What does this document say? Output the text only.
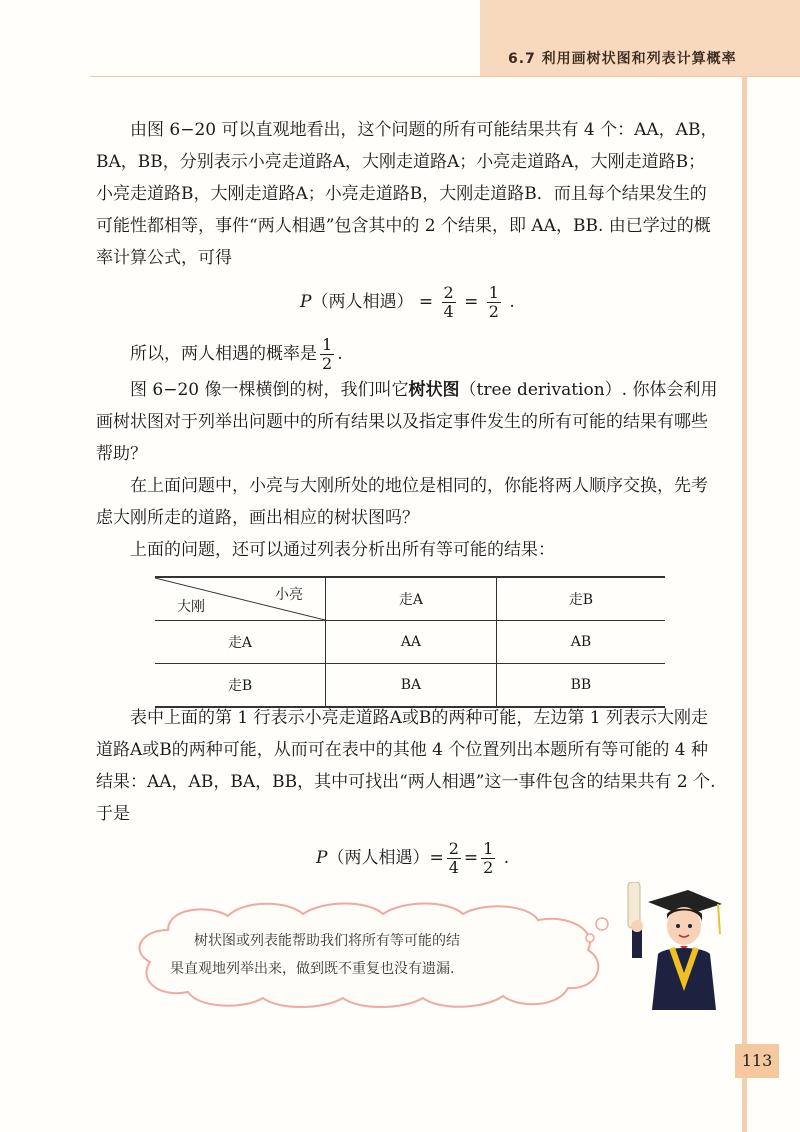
6.7 利用画树状图和列表计算概率

由图 6−20 可以直观地看出，这个问题的所有可能结果共有 4 个：AA，AB，BA，BB，分别表示小亮走道路A，大刚走道路A；小亮走道路A，大刚走道路B；小亮走道路B，大刚走道路A；小亮走道路B，大刚走道路B．而且每个结果发生的可能性都相等，事件“两人相遇”包含其中的 2 个结果，即 AA，BB. 由已学过的概率计算公式，可得

P（两人相遇） = $\frac{2}{4} = \frac{1}{2}$ .

所以，两人相遇的概率是 $\frac{1}{2}$ .

图 6−20 像一棵横倒的树，我们叫它树状图（tree derivation）. 你体会利用画树状图对于列举出问题中的所有结果以及指定事件发生的所有可能的结果有哪些帮助？

在上面问题中，小亮与大刚所处的地位是相同的，你能将两人顺序交换，先考虑大刚所走的道路，画出相应的树状图吗？

上面的问题，还可以通过列表分析出所有等可能的结果：

小亮
大刚	走A	走B
走A	AA	AB
走B	BA	BB

表中上面的第 1 行表示小亮走道路A或B的两种可能，左边第 1 列表示大刚走道路A或B的两种可能，从而可在表中的其他 4 个位置列出本题所有等可能的 4 种结果：AA，AB，BA，BB，其中可找出“两人相遇”这一事件包含的结果共有 2 个. 于是

P（两人相遇）= $\frac{2}{4} = \frac{1}{2}$ .
树状图或列表能帮助我们将所有等可能的结
果直观地列举出来，做到既不重复也没有遗漏.
113
